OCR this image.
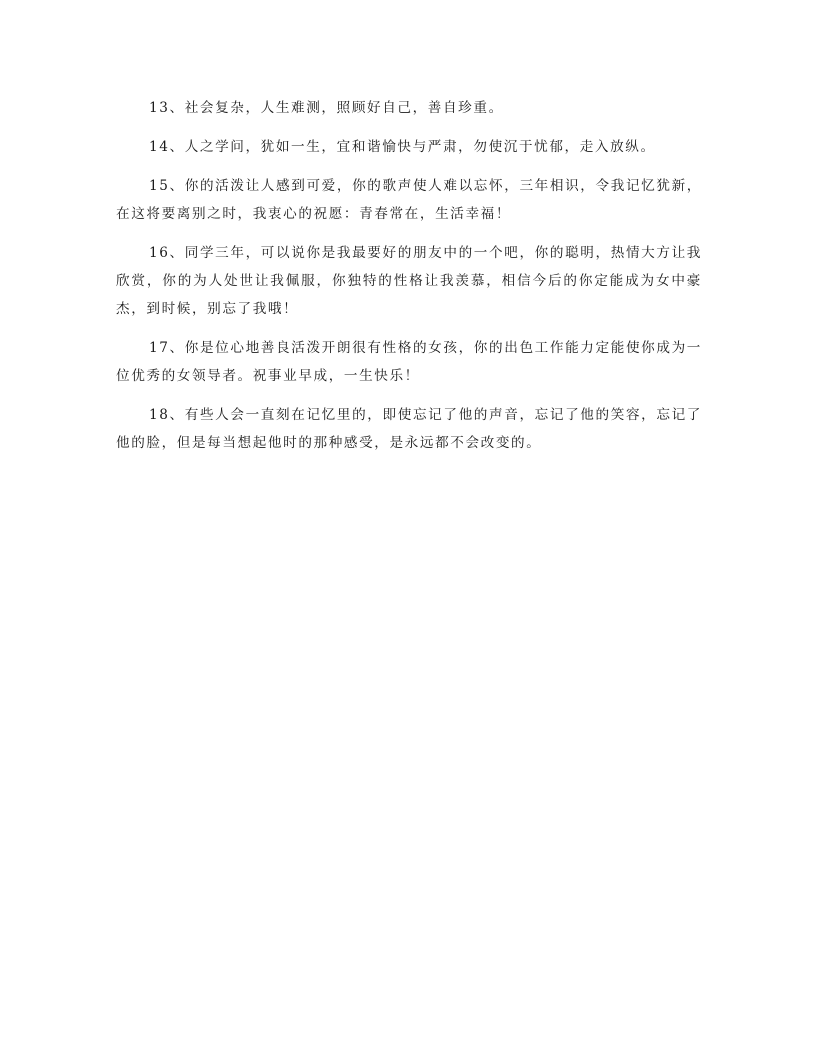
13、社会复杂，人生难测，照顾好自己，善自珍重。

14、人之学问，犹如一生，宜和谐愉快与严肃，勿使沉于忧郁，走入放纵。

15、你的活泼让人感到可爱，你的歌声使人难以忘怀，三年相识，令我记忆犹新，在这将要离别之时，我衷心的祝愿：青春常在，生活幸福！

16、同学三年，可以说你是我最要好的朋友中的一个吧，你的聪明，热情大方让我欣赏，你的为人处世让我佩服，你独特的性格让我羡慕，相信今后的你定能成为女中豪杰，到时候，别忘了我哦！

17、你是位心地善良活泼开朗很有性格的女孩，你的出色工作能力定能使你成为一位优秀的女领导者。祝事业早成，一生快乐！

18、有些人会一直刻在记忆里的，即使忘记了他的声音，忘记了他的笑容，忘记了他的脸，但是每当想起他时的那种感受，是永远都不会改变的。
